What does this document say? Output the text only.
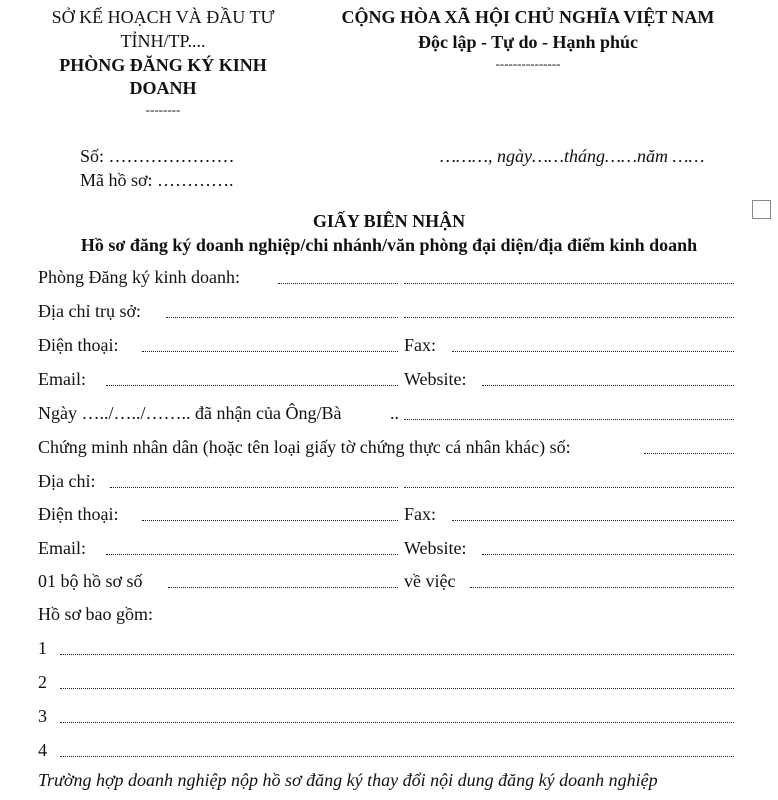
SỞ KẾ HOẠCH VÀ ĐẦU TƯ
TỈNH/TP....
PHÒNG ĐĂNG KÝ KINH
DOANH
--------
CỘNG HÒA XÃ HỘI CHỦ NGHĨA VIỆT NAM
Độc lập - Tự do - Hạnh phúc
---------------
Số: …………………
Mã hồ sơ: ………….
………, ngày……tháng……năm ……
GIẤY BIÊN NHẬN
Hồ sơ đăng ký doanh nghiệp/chi nhánh/văn phòng đại diện/địa điểm kinh doanh
Phòng Đăng ký kinh doanh:
Địa chỉ trụ sở:
Điện thoại:	Fax:
Email:	Website:
Ngày …../…../…….. đã nhận của Ông/Bà	..
Chứng minh nhân dân (hoặc tên loại giấy tờ chứng thực cá nhân khác) số:
Địa chỉ:
Điện thoại:	Fax:
Email:	Website:
01 bộ hồ sơ số	về việc
Hồ sơ bao gồm:
1
2
3
4
Trường hợp doanh nghiệp nộp hồ sơ đăng ký thay đổi nội dung đăng ký doanh nghiệp
